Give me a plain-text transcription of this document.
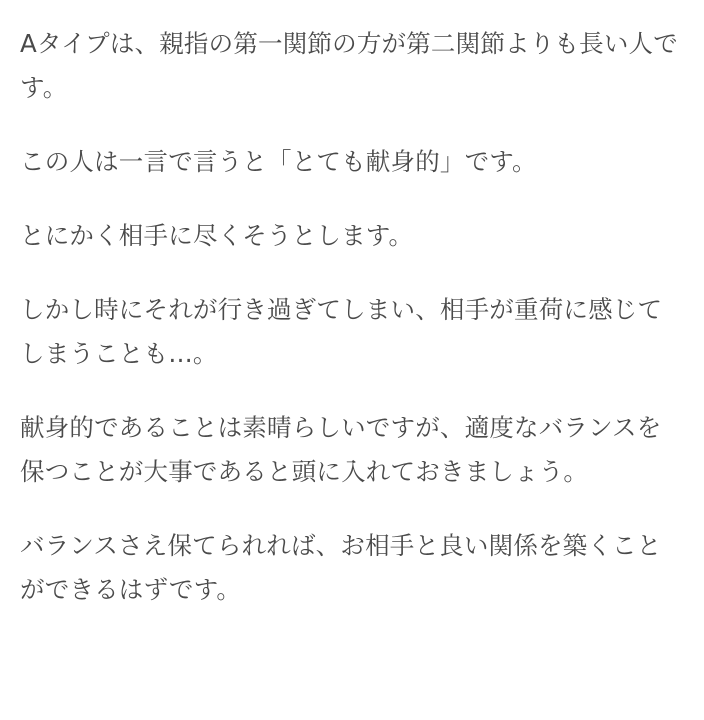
Aタイプは、親指の第一関節の方が第二関節よりも長い人です。

この人は一言で言うと「とても献身的」です。

とにかく相手に尽くそうとします。

しかし時にそれが行き過ぎてしまい、相手が重荷に感じてしまうことも…。

献身的であることは素晴らしいですが、適度なバランスを保つことが大事であると頭に入れておきましょう。

バランスさえ保てられれば、お相手と良い関係を築くことができるはずです。
